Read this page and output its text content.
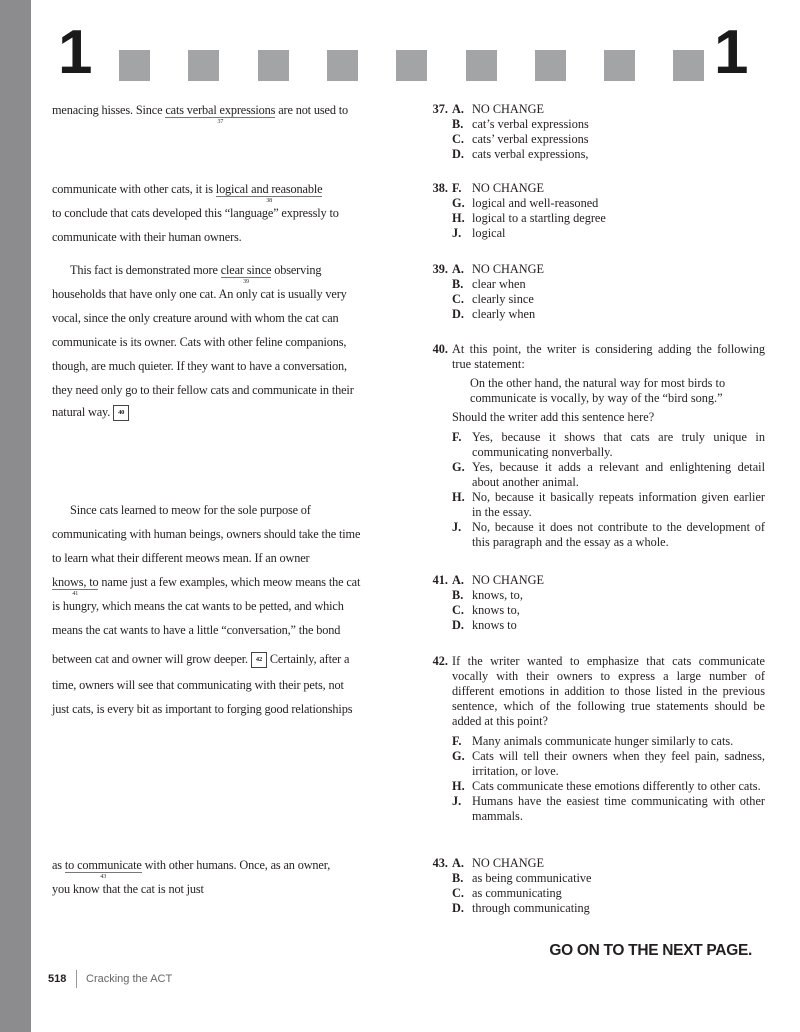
1	1
menacing hisses. Since cats verbal expressions
37
are not used to
communicate with other cats, it is logical and reasonable
38
to conclude that cats developed this “language” expressly to
communicate with their human owners.
This fact is demonstrated more clear since
39
observing
households that have only one cat. An only cat is usually very
vocal, since the only creature around with whom the cat can
communicate is its owner. Cats with other feline companions,
though, are much quieter. If they want to have a conversation,
they need only go to their fellow cats and communicate in their
natural way. 40
Since cats learned to meow for the sole purpose of
communicating with human beings, owners should take the time
to learn what their different meows mean. If an owner
knows, to
41
name just a few examples, which meow means the cat
is hungry, which means the cat wants to be petted, and which
means the cat wants to have a little “conversation,” the bond
between cat and owner will grow deeper. 42 Certainly, after a
time, owners will see that communicating with their pets, not
just cats, is every bit as important to forging good relationships
as to communicate
43
with other humans. Once, as an owner,
you know that the cat is not just
37. A. NO CHANGE
B. cat’s verbal expressions
C. cats’ verbal expressions
D. cats verbal expressions,
38. F. NO CHANGE
G. logical and well-reasoned
H. logical to a startling degree
J. logical
39. A. NO CHANGE
B. clear when
C. clearly since
D. clearly when
40. At this point, the writer is considering adding the following true statement:
On the other hand, the natural way for most birds to communicate is vocally, by way of the “bird song.”
Should the writer add this sentence here?
F. Yes, because it shows that cats are truly unique in communicating nonverbally.
G. Yes, because it adds a relevant and enlightening detail about another animal.
H. No, because it basically repeats information given earlier in the essay.
J. No, because it does not contribute to the development of this paragraph and the essay as a whole.
41. A. NO CHANGE
B. knows, to,
C. knows to,
D. knows to
42. If the writer wanted to emphasize that cats communicate vocally with their owners to express a large number of different emotions in addition to those listed in the previous sentence, which of the following true statements should be added at this point?
F. Many animals communicate hunger similarly to cats.
G. Cats will tell their owners when they feel pain, sadness, irritation, or love.
H. Cats communicate these emotions differently to other cats.
J. Humans have the easiest time communicating with other mammals.
43. A. NO CHANGE
B. as being communicative
C. as communicating
D. through communicating
GO ON TO THE NEXT PAGE.
518 Cracking the ACT
